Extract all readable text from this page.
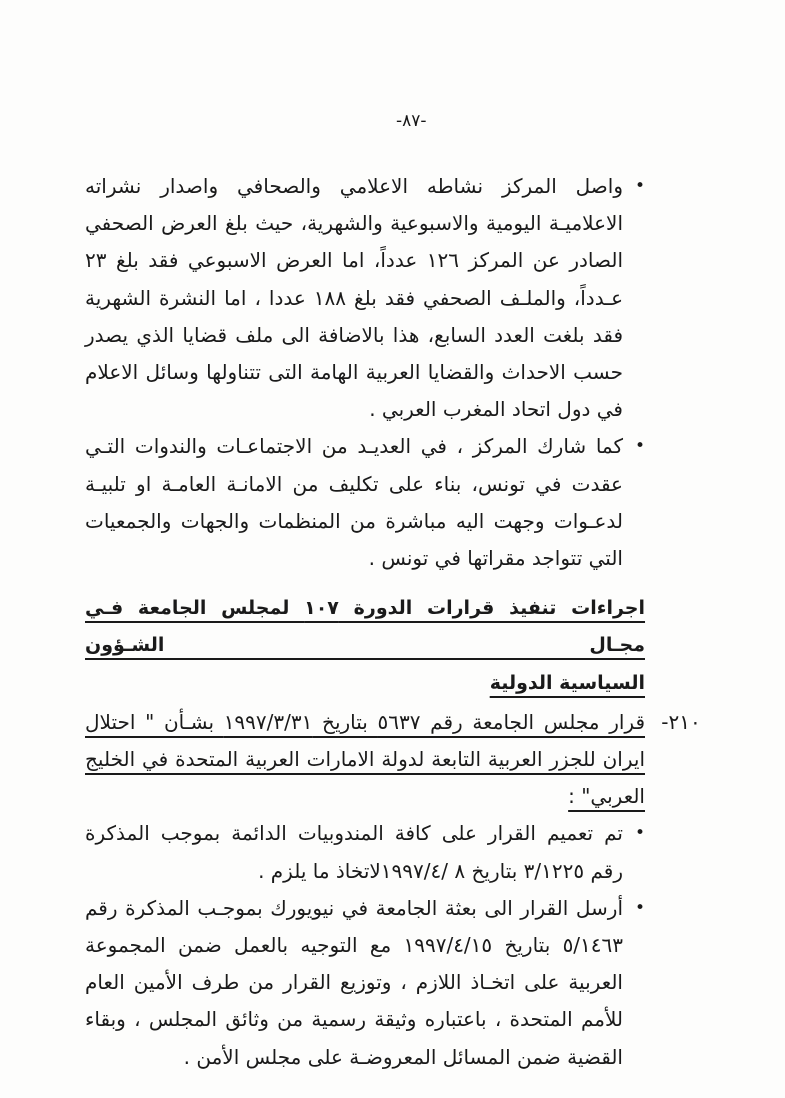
-٨٧-
•
واصل المركز نشاطه الاعلامي والصحافي واصدار نشراته الاعلاميـة اليومية والاسبوعية والشهرية، حيث بلغ العرض الصحفي الصادر عن المركز ١٢٦ عدداً، اما العرض الاسبوعي فقد بلغ ٢٣ عـدداً، والملـف الصحفي فقد بلغ ١٨٨ عددا ، اما النشرة الشهرية فقد بلغت العدد السابع، هذا بالاضافة الى ملف قضايا الذي يصدر حسب الاحداث والقضايا العربية الهامة التى تتناولها وسائل الاعلام في دول اتحاد المغرب العربي .
•
كما شارك المركز ، في العديـد من الاجتماعـات والندوات التـي عقدت في تونس، بناء على تكليف من الامانـة العامـة او تلبيـة لدعـوات وجهت اليه مباشرة من المنظمات والجهات والجمعيات التي تتواجد مقراتها في تونس .
اجراءات تنفيذ قرارات الدورة ١٠٧ لمجلس الجامعة فـي مجـال الشـؤون
السياسية الدولية
٢١٠-
قرار مجلس الجامعة رقم ٥٦٣٧ بتاريخ ١٩٩٧/٣/٣١ بشـأن " احتلال ايران للجزر العربية التابعة لدولة الامارات العربية المتحدة في الخليج العربي" :
•
تم تعميم القرار على كافة المندوبيات الدائمة بموجب المذكرة رقم ٣/١٢٢٥ بتاريخ ٨ /١٩٩٧/٤لاتخاذ ما يلزم .
•
أرسل القرار الى بعثة الجامعة في نيويورك بموجـب المذكرة رقم ٥/١٤٦٣ بتاريخ ١٩٩٧/٤/١٥ مع التوجيه بالعمل ضمن المجموعة العربية على اتخـاذ اللازم ، وتوزيع القرار من طرف الأمين العام للأمم المتحدة ، باعتباره وثيقة رسمية من وثائق المجلس ، وبقاء القضية ضمن المسائل المعروضـة على مجلس الأمن .
